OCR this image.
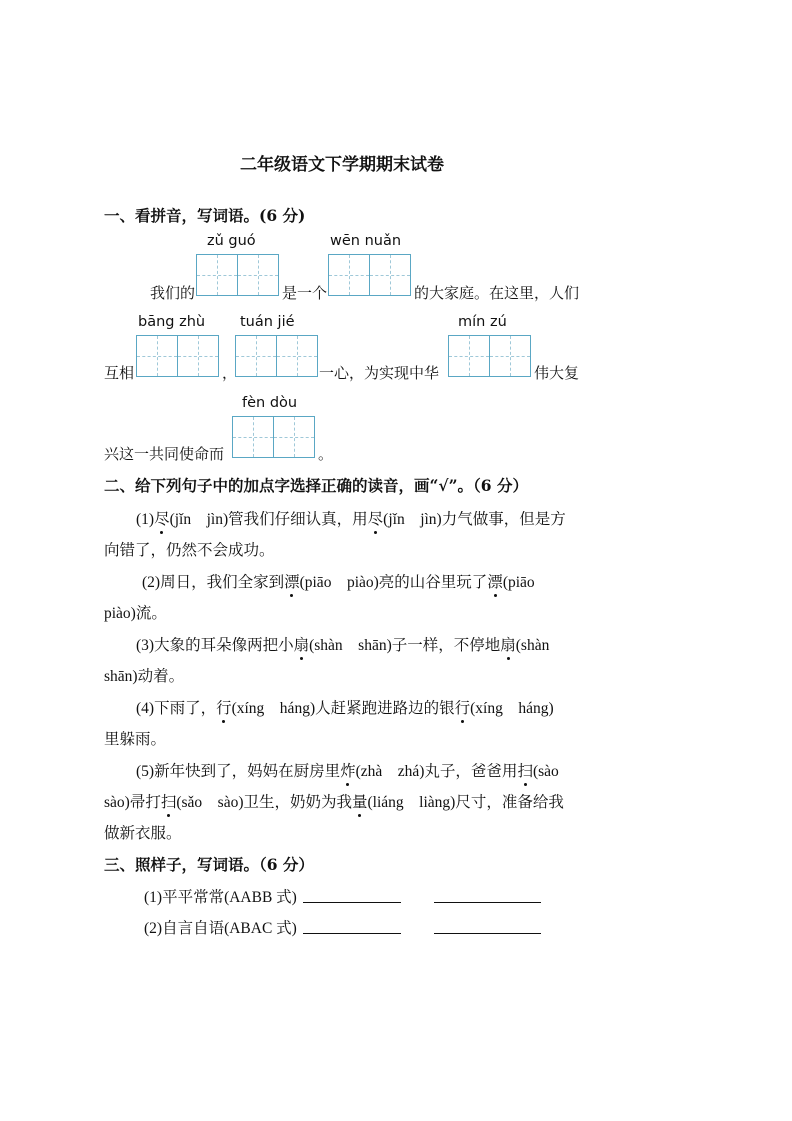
二年级语文下学期期末试卷
一、看拼音，写词语。(6 分)
zǔ guó	wēn nuǎn
我们的	是一个	的大家庭。在这里，人们
bāng zhù tuán jié	mín zú
互相	，	一心，为实现中华	伟大复
fèn dòu
兴这一共同使命而	。
二、给下列句子中的加点字选择正确的读音，画“√”。（6 分）
(1)尽(jǐn　jìn)管我们仔细认真，用尽(jǐn　jìn)力气做事，但是方
向错了，仍然不会成功。
(2)周日，我们全家到漂(piāo　piào)亮的山谷里玩了漂(piāo
piào)流。
(3)大象的耳朵像两把小扇(shàn　shān)子一样，不停地扇(shàn
shān)动着。
(4)下雨了，行(xíng　háng)人赶紧跑进路边的银行(xíng　háng)
里躲雨。
(5)新年快到了，妈妈在厨房里炸(zhà　zhá)丸子，爸爸用扫(sào
sào)帚打扫(sǎo　sào)卫生，奶奶为我量(liáng　liàng)尺寸，准备给我
做新衣服。
三、照样子，写词语。（6 分）
(1)平平常常(AABB 式)
(2)自言自语(ABAC 式)
